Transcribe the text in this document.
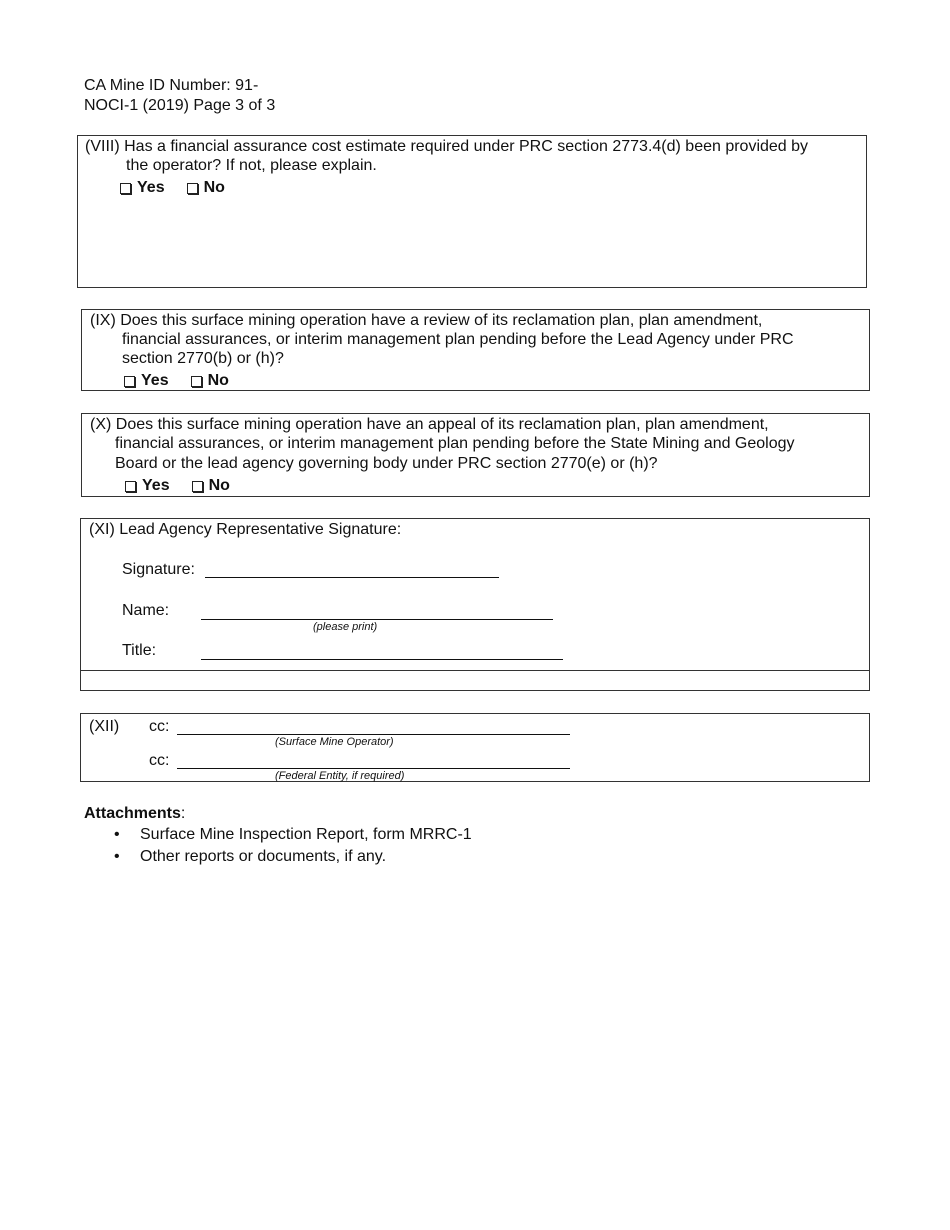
CA Mine ID Number: 91-
NOCI-1 (2019) Page 3 of 3
(VIII) Has a financial assurance cost estimate required under PRC section 2773.4(d) been provided by
the operator? If not, please explain.
Yes No
(IX) Does this surface mining operation have a review of its reclamation plan, plan amendment,
financial assurances, or interim management plan pending before the Lead Agency under PRC
section 2770(b) or (h)?
Yes No
(X) Does this surface mining operation have an appeal of its reclamation plan, plan amendment,
financial assurances, or interim management plan pending before the State Mining and Geology
Board or the lead agency governing body under PRC section 2770(e) or (h)?
Yes No
(XI) Lead Agency Representative Signature:
Signature:
Name:
(please print)
Title:
(XII) cc:
(Surface Mine Operator)
cc:
(Federal Entity, if required)
Attachments:
• Surface Mine Inspection Report, form MRRC-1
• Other reports or documents, if any.
